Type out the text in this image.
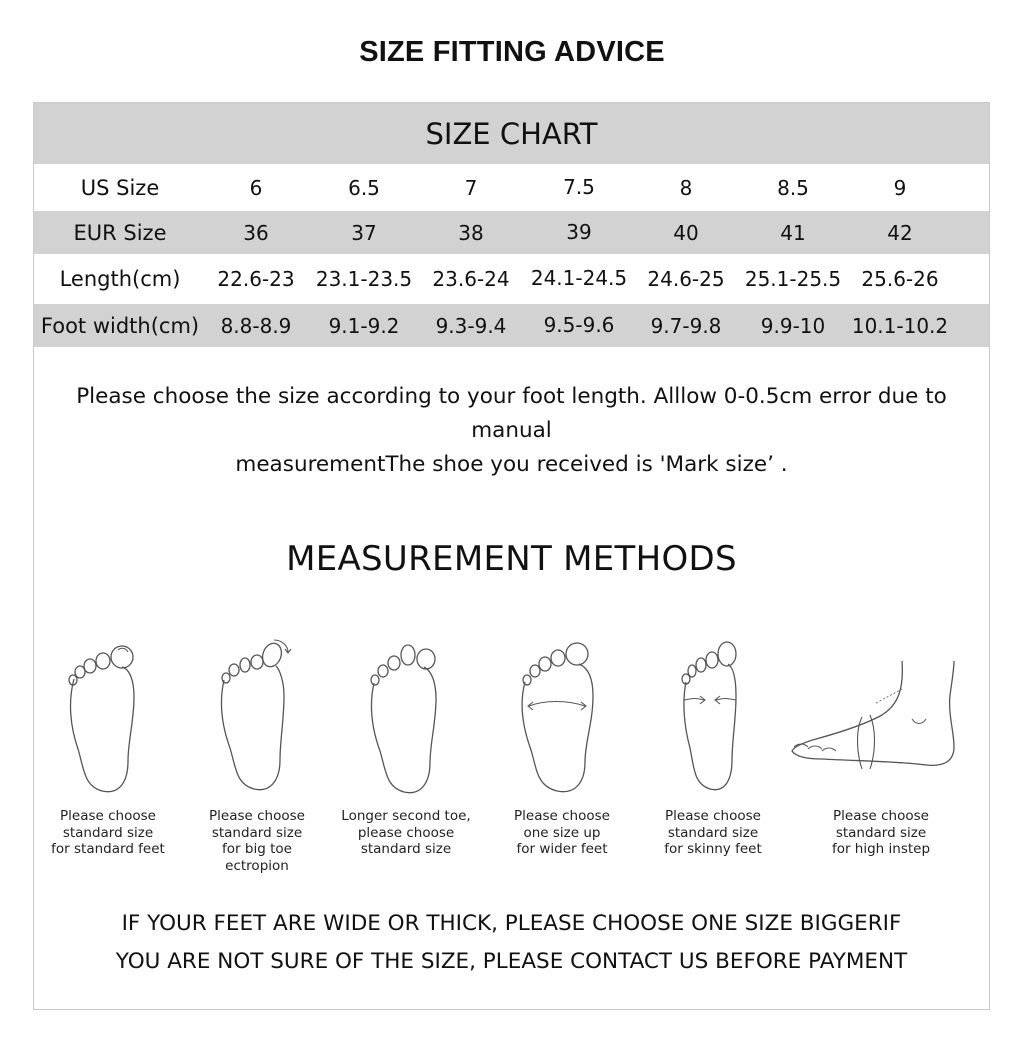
SIZE FITTING ADVICE
SIZE CHART
US Size	6	6.5	7	7.5	8	8.5	9
EUR Size	36	37	38	39	40	41	42
Length(cm)	22.6-23 23.1-23.5 23.6-24 24.1-24.5 24.6-25 25.1-25.5 25.6-26
Foot width(cm)	8.8-8.9 9.1-9.2 9.3-9.4 9.5-9.6 9.7-9.8 9.9-10 10.1-10.2
Please choose the size according to your foot length. Alllow 0-0.5cm error due to manual
measurementThe shoe you received is 'Mark size’ .
MEASUREMENT METHODS
Please choose
standard size
for standard feet
Please choose
standard size
for big toe
ectropion
Longer second toe,
please choose
standard size
Please choose
one size up
for wider feet
Please choose
standard size
for skinny feet
Please choose
standard size
for high instep
IF YOUR FEET ARE WIDE OR THICK, PLEASE CHOOSE ONE SIZE BIGGERIF
YOU ARE NOT SURE OF THE SIZE, PLEASE CONTACT US BEFORE PAYMENT
